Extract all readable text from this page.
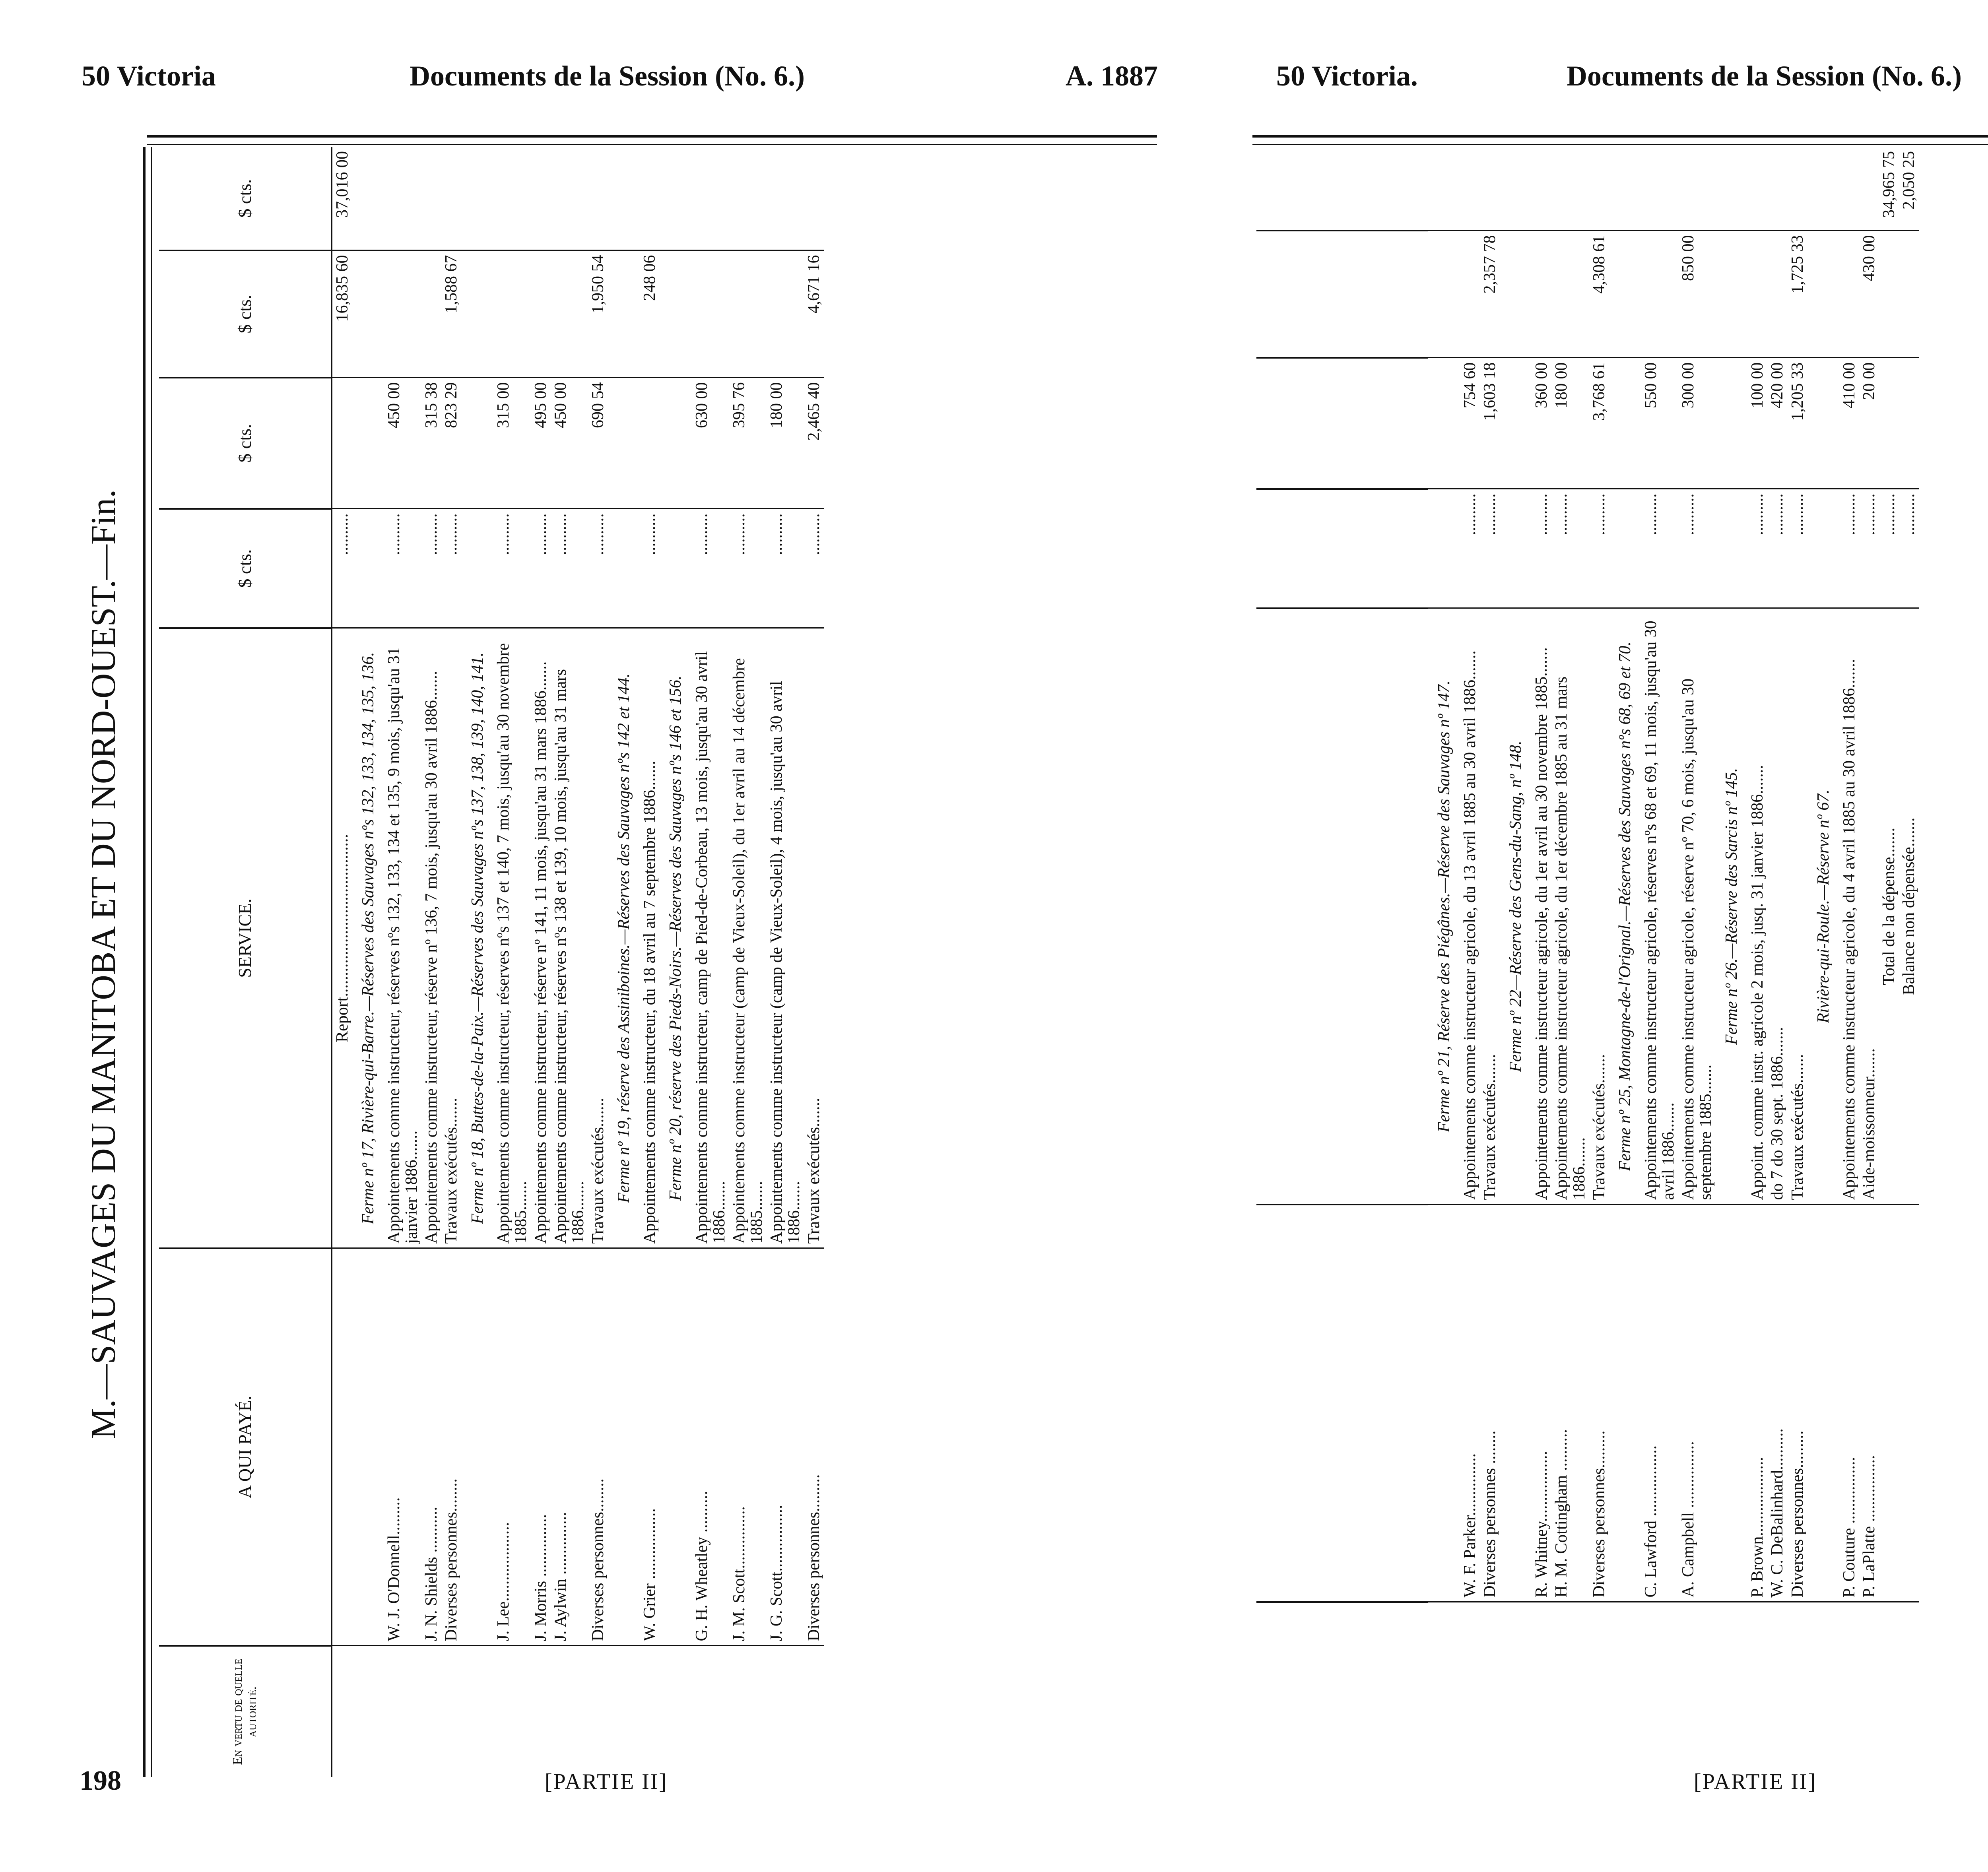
50 Victoria	Documents de la Session (No. 6.)	A. 1887	50 Victoria.	Documents de la Session (No. 6.)
M.—SAUVAGES DU MANITOBA ET DU NORD-OUEST.—Fin.
En vertu de quelle autorité.	A QUI PAYÉ.	SERVICE.	$ cts.	$ cts.	$ cts.	$ cts.
		Report.......................................	..........		16,835 60	37,016 00
		Ferme nº 17, Rivière-qui-Barre.—Réserves des Sauvages nºs 132, 133, 134, 135, 136.				
	W. J. O'Donnell.........	Appointements comme instructeur, réserves nºs 132, 133, 134 et 135, 9 mois, jusqu'au 31 janvier 1886.......	..........	450 00		
	J. N. Shields ...........	Appointements comme instructeur, réserve nº 136, 7 mois, jusqu'au 30 avril 1886.......	..........	315 38		
	Diverses personnes........	Travaux exécutés.......	..........	823 29	1,588 67	
		Ferme nº 18, Buttes-de-la-Paix.—Réserves des Sauvages nºs 137, 138, 139, 140, 141.				
	J. Lee...................	Appointements comme instructeur, réserves nºs 137 et 140, 7 mois, jusqu'au 30 novembre 1885.......	..........	315 00		
	J. Morris ...............	Appointements comme instructeur, réserve nº 141, 11 mois, jusqu'au 31 mars 1886.......	..........	495 00		
	J. Aylwin ...............	Appointements comme instructeur, réserves nºs 138 et 139, 10 mois, jusqu'au 31 mars 1886.......	..........	450 00		
	Diverses personnes........	Travaux exécutés.......	..........	690 54	1,950 54	
		Ferme nº 19, réserve des Assiniboines.—Réserves des Sauvages nºs 142 et 144.				
	W. Grier .................	Appointements comme instructeur, du 18 avril au 7 septembre 1886.......	..........		248 06	
		Ferme nº 20, réserve des Pieds-Noirs.—Réserves des Sauvages nºs 146 et 156.				
	G. H. Wheatley ..........	Appointements comme instructeur, camp de Pied-de-Corbeau, 13 mois, jusqu'au 30 avril 1886.......	..........	630 00		
	J. M. Scott...............	Appointements comme instructeur (camp de Vieux-Soleil), du 1er avril au 14 décembre 1885.......	..........	395 76		
	J. G. Scott................	Appointements comme instructeur (camp de Vieux-Soleil), 4 mois, jusqu'au 30 avril 1886.......	..........	180 00		
	Diverses personnes.........	Travaux exécutés.......	..........	2,465 40	4,671 16	

		Ferme nº 21, Réserve des Piégânes.—Réserve des Sauvages nº 147.				
	W. F. Parker...............	Appointements comme instructeur agricole, du 13 avril 1885 au 30 avril 1886.......	..........	754 60		
	Diverses personnes ........	Travaux exécutés.......	..........	1,603 18	2,357 78	
		Ferme nº 22—Réserve des Gens-du-Sang, nº 148.				
	R. Whitney.................	Appointements comme instructeur agricole, du 1er avril au 30 novembre 1885.......	..........	360 00		
	H. M. Cottingham ..........	Appointements comme instructeur agricole, du 1er décembre 1885 au 31 mars 1886.......	..........	180 00		
	Diverses personnes.........	Travaux exécutés.......	..........	3,768 61	4,308 61	
		Ferme nº 25, Montagne-de-l'Orignal.—Réserves des Sauvages nºs 68, 69 et 70.				
	C. Lawford .................	Appointements comme instructeur agricole, réserves nºs 68 et 69, 11 mois, jusqu'au 30 avril 1886.......	..........	550 00		
	A. Campbell ................	Appointements comme instructeur agricole, réserve nº 70, 6 mois, jusqu'au 30 septembre 1885.......	..........	300 00	850 00	
		Ferme nº 26.—Réserve des Sarcis nº 145.				
	P. Brown...................	Appoint. comme instr. agricole 2 mois, jusq. 31 janvier 1886.......	..........	100 00		
	W. C. DeBalinhard..........	do 7 do 30 sept. 1886.......	..........	420 00		
	Diverses personnes.........	Travaux exécutés.......	..........	1,205 33	1,725 33	
		Rivière-qui-Roule.—Réserve nº 67.				
	P. Couture ................	Appointements comme instructeur agricole, du 4 avril 1885 au 30 avril 1886.......	..........	410 00		
	P. LaPlatte ................	Aide-moissonneur.......	..........	20 00	430 00	
		Total de la dépense.......	..........			34,965 75
		Balance non dépensée.......	..........			2,050 25
198	[PARTIE II]	[PARTIE II]
